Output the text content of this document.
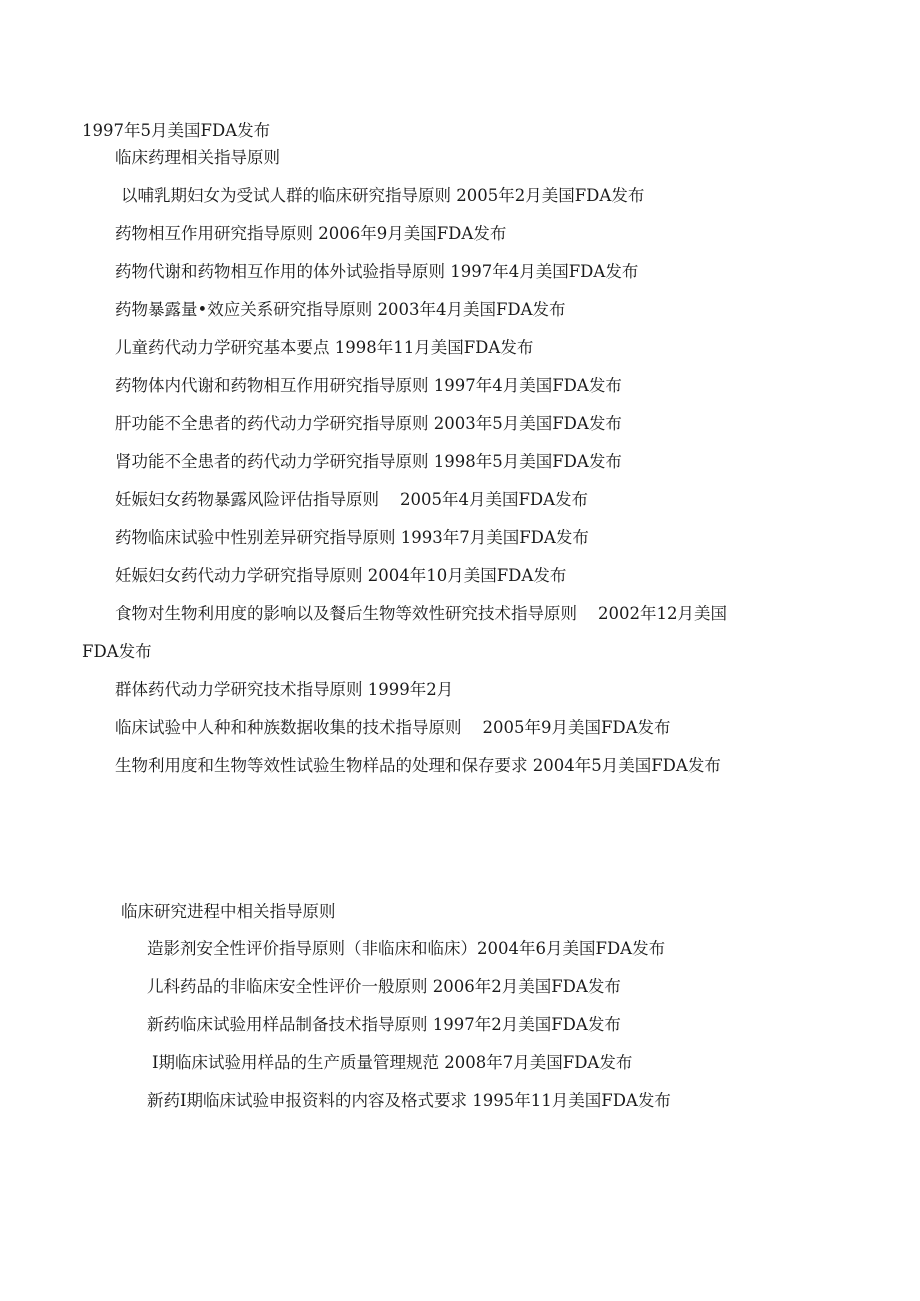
1997年5月美国FDA发布
临床药理相关指导原则
以哺乳期妇女为受试人群的临床研究指导原则 2005年2月美国FDA发布
药物相互作用研究指导原则 2006年9月美国FDA发布
药物代谢和药物相互作用的体外试验指导原则 1997年4月美国FDA发布
药物暴露量•效应关系研究指导原则 2003年4月美国FDA发布
儿童药代动力学研究基本要点 1998年11月美国FDA发布
药物体内代谢和药物相互作用研究指导原则 1997年4月美国FDA发布
肝功能不全患者的药代动力学研究指导原则 2003年5月美国FDA发布
肾功能不全患者的药代动力学研究指导原则 1998年5月美国FDA发布
妊娠妇女药物暴露风险评估指导原则    2005年4月美国FDA发布
药物临床试验中性别差异研究指导原则 1993年7月美国FDA发布
妊娠妇女药代动力学研究指导原则 2004年10月美国FDA发布
食物对生物利用度的影响以及餐后生物等效性研究技术指导原则    2002年12月美国
FDA发布
群体药代动力学研究技术指导原则 1999年2月
临床试验中人种和种族数据收集的技术指导原则    2005年9月美国FDA发布
生物利用度和生物等效性试验生物样品的处理和保存要求 2004年5月美国FDA发布
临床研究进程中相关指导原则
造影剂安全性评价指导原则（非临床和临床）2004年6月美国FDA发布
儿科药品的非临床安全性评价一般原则 2006年2月美国FDA发布
新药临床试验用样品制备技术指导原则 1997年2月美国FDA发布
I期临床试验用样品的生产质量管理规范 2008年7月美国FDA发布
新药I期临床试验申报资料的内容及格式要求 1995年11月美国FDA发布
